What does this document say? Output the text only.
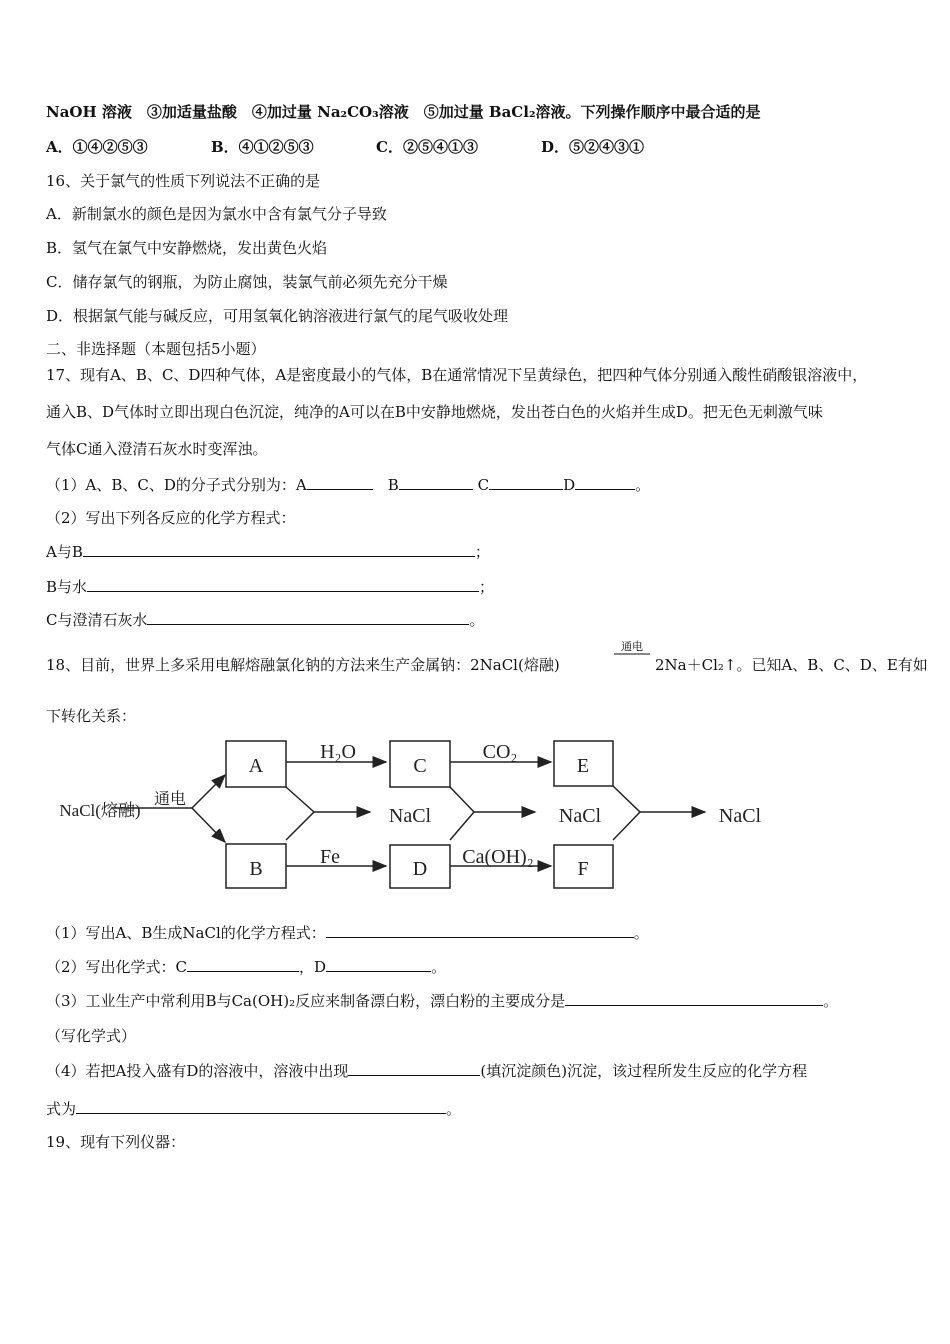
NaOH 溶液　③加适量盐酸　④加过量 Na₂CO₃溶液　⑤加过量 BaCl₂溶液。下列操作顺序中最合适的是
A．①④②⑤③	B．④①②⑤③	C．②⑤④①③	D．⑤②④③①
16、关于氯气的性质下列说法不正确的是
A．新制氯水的颜色是因为氯水中含有氯气分子导致
B．氢气在氯气中安静燃烧，发出黄色火焰
C．储存氯气的钢瓶，为防止腐蚀，装氯气前必须先充分干燥
D．根据氯气能与碱反应，可用氢氧化钠溶液进行氯气的尾气吸收处理
二、非选择题（本题包括5小题）
17、现有A、B、C、D四种气体，A是密度最小的气体，B在通常情况下呈黄绿色，把四种气体分别通入酸性硝酸银溶液中，
通入B、D气体时立即出现白色沉淀，纯净的A可以在B中安静地燃烧，发出苍白色的火焰并生成D。把无色无刺激气味
气体C通入澄清石灰水时变浑浊。
（1）A、B、C、D的分子式分别为：A　	B	C	D	。
（2）写出下列各反应的化学方程式：
A与B	；
B与水	；
C与澄清石灰水	。
18、目前，世界上多采用电解熔融氯化钠的方法来生产金属钠：2NaCl(熔融)
通电
2Na＋Cl₂↑。已知A、B、C、D、E有如
下转化关系：
A
B
C
D
E
F
H₂O	CO₂
Fe	Ca(OH)₂
NaCl	NaCl	NaCl
NaCl(熔融)
通电
（1）写出A、B生成NaCl的化学方程式：	。
（2）写出化学式：C	，D	。
（3）工业生产中常利用B与Ca(OH)₂反应来制备漂白粉，漂白粉的主要成分是	。
（写化学式）
（4）若把A投入盛有D的溶液中，溶液中出现	(填沉淀颜色)沉淀，该过程所发生反应的化学方程
式为	。
19、现有下列仪器：
